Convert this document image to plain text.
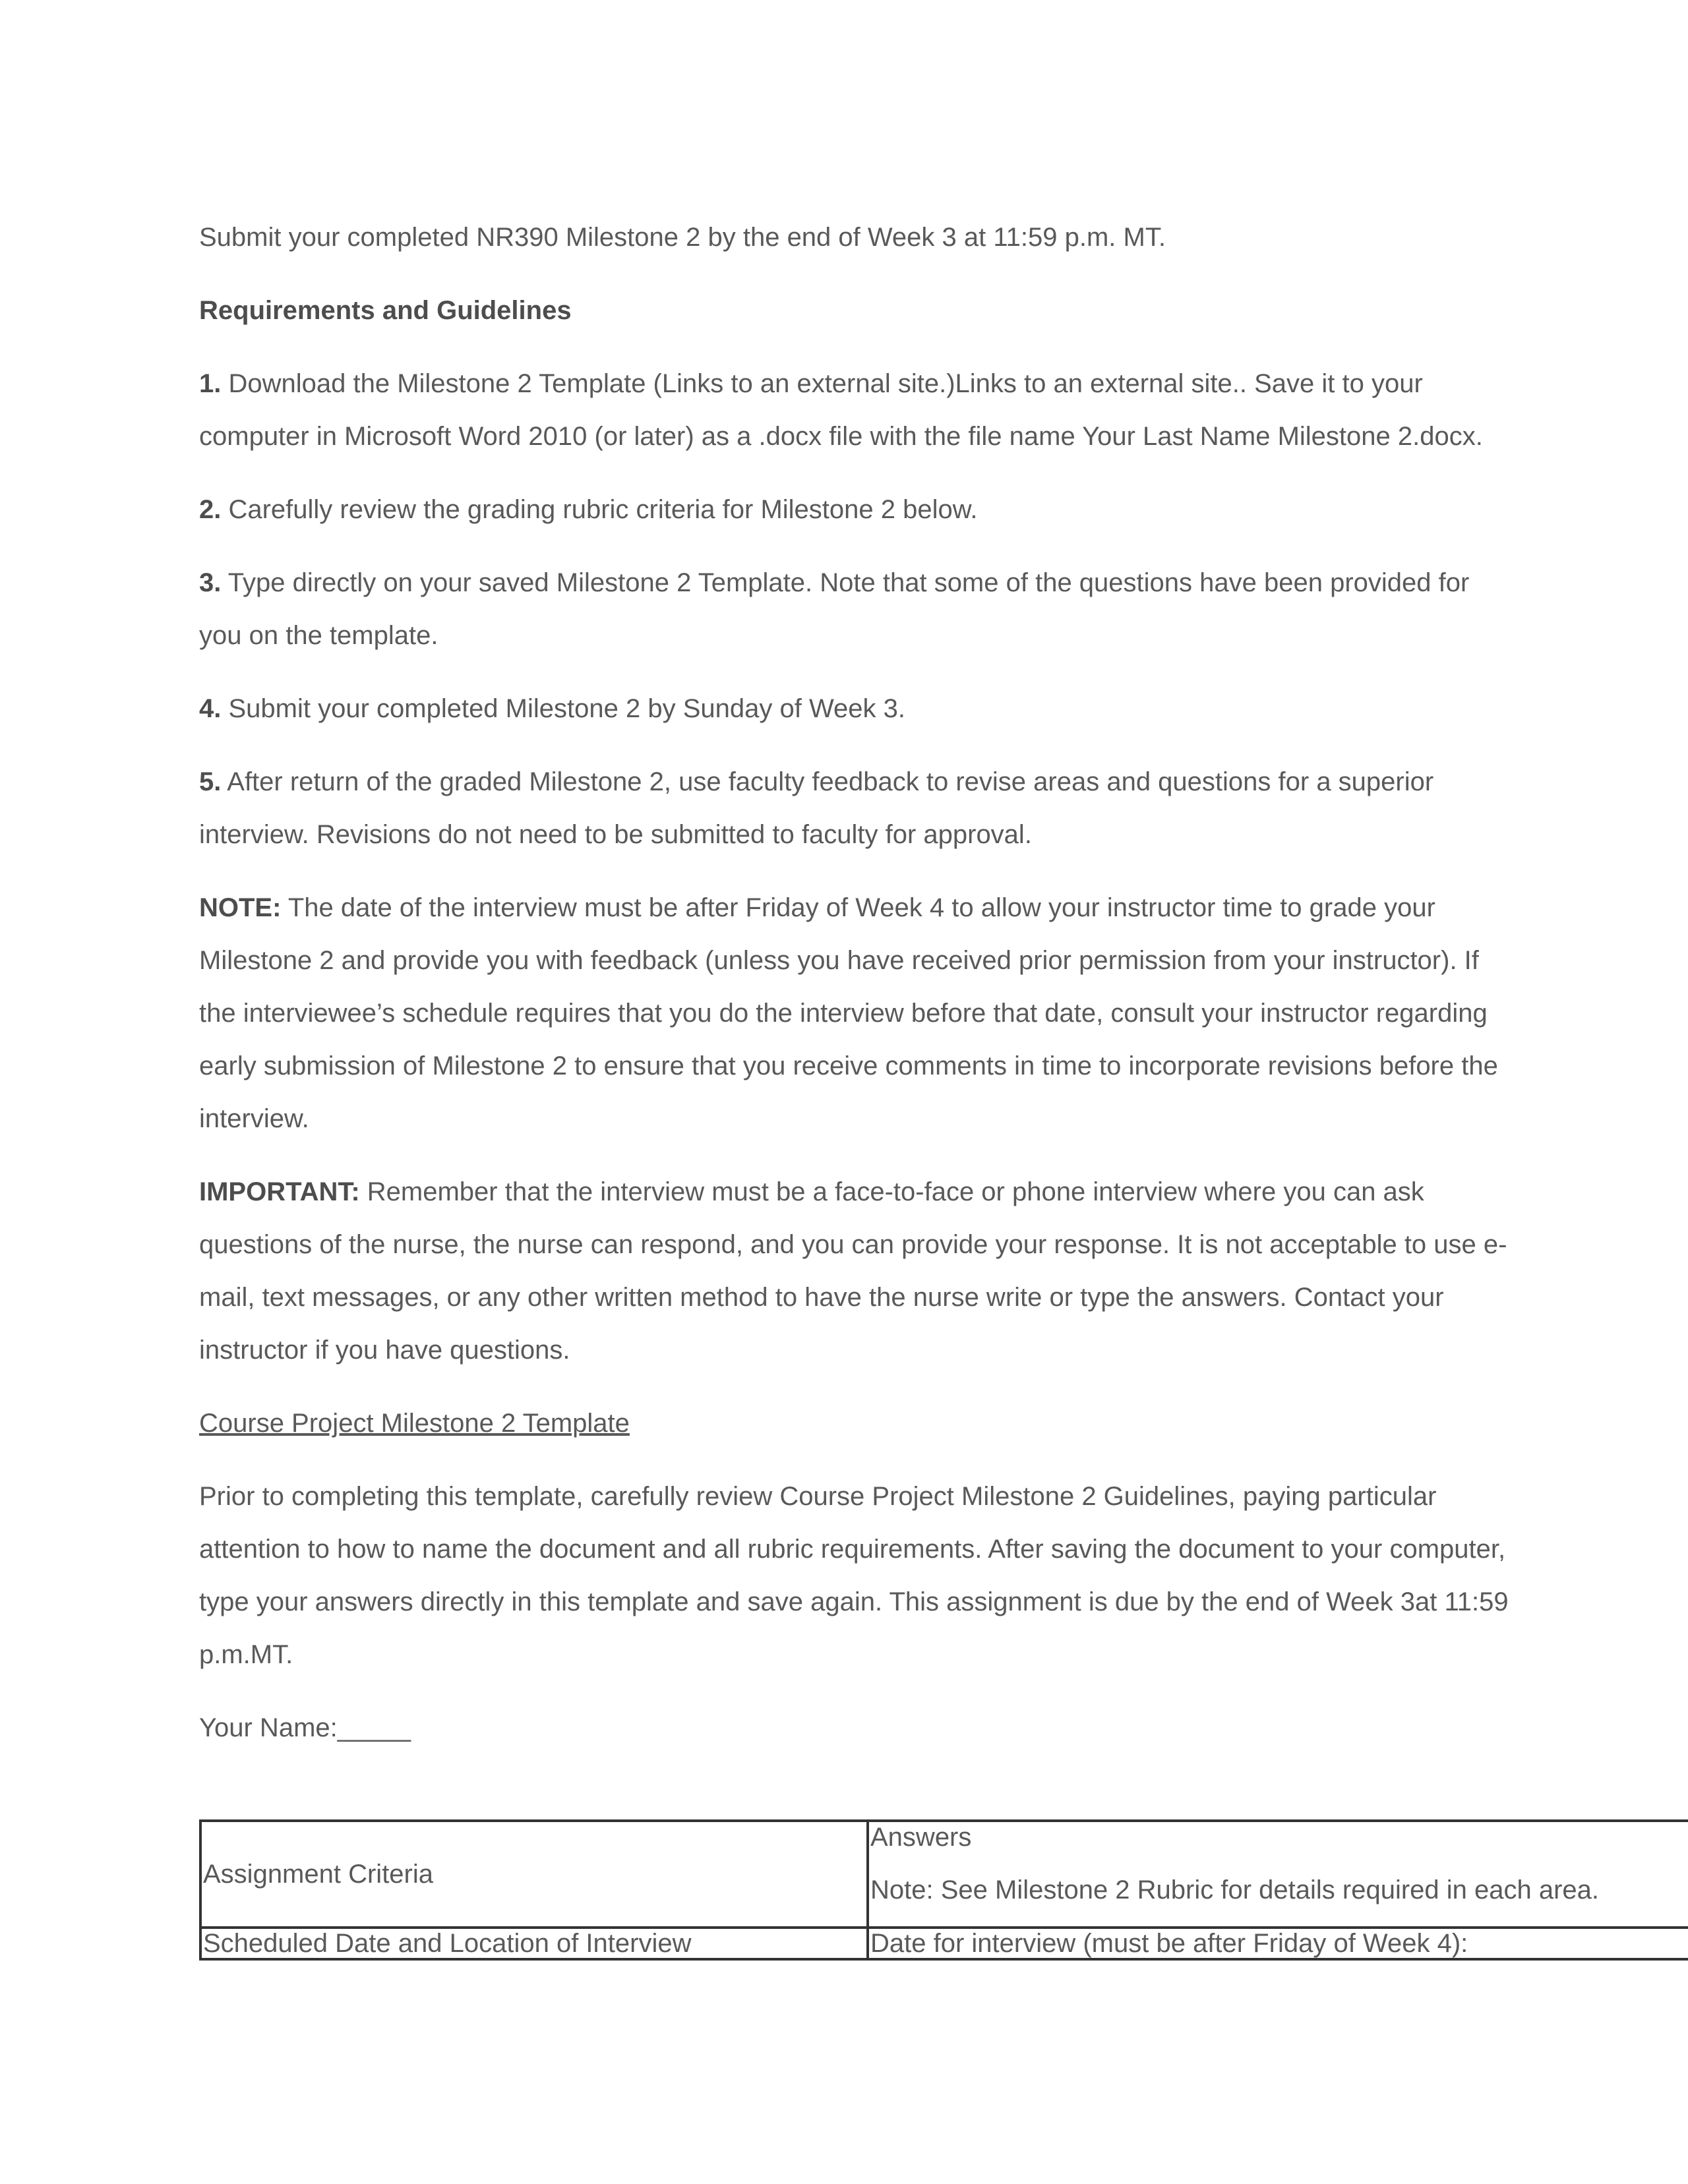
Submit your completed NR390 Milestone 2 by the end of Week 3 at 11:59 p.m. MT.

Requirements and Guidelines

1. Download the Milestone 2 Template (Links to an external site.)Links to an external site.. Save it to your computer in Microsoft Word 2010 (or later) as a .docx file with the file name Your Last Name Milestone 2.docx.

2. Carefully review the grading rubric criteria for Milestone 2 below.

3. Type directly on your saved Milestone 2 Template. Note that some of the questions have been provided for you on the template.

4. Submit your completed Milestone 2 by Sunday of Week 3.

5. After return of the graded Milestone 2, use faculty feedback to revise areas and questions for a superior interview. Revisions do not need to be submitted to faculty for approval.

NOTE: The date of the interview must be after Friday of Week 4 to allow your instructor time to grade your Milestone 2 and provide you with feedback (unless you have received prior permission from your instructor). If the interviewee’s schedule requires that you do the interview before that date, consult your instructor regarding early submission of Milestone 2 to ensure that you receive comments in time to incorporate revisions before the interview.

IMPORTANT: Remember that the interview must be a face-to-face or phone interview where you can ask questions of the nurse, the nurse can respond, and you can provide your response. It is not acceptable to use e-mail, text messages, or any other written method to have the nurse write or type the answers. Contact your instructor if you have questions.

Course Project Milestone 2 Template

Prior to completing this template, carefully review Course Project Milestone 2 Guidelines, paying particular attention to how to name the document and all rubric requirements. After saving the document to your computer, type your answers directly in this template and save again. This assignment is due by the end of Week 3at 11:59 p.m.MT.

Your Name:_____

Assignment Criteria	Answers
Note: See Milestone 2 Rubric for details required in each area.

Scheduled Date and Location of Interview	Date for interview (must be after Friday of Week 4):
